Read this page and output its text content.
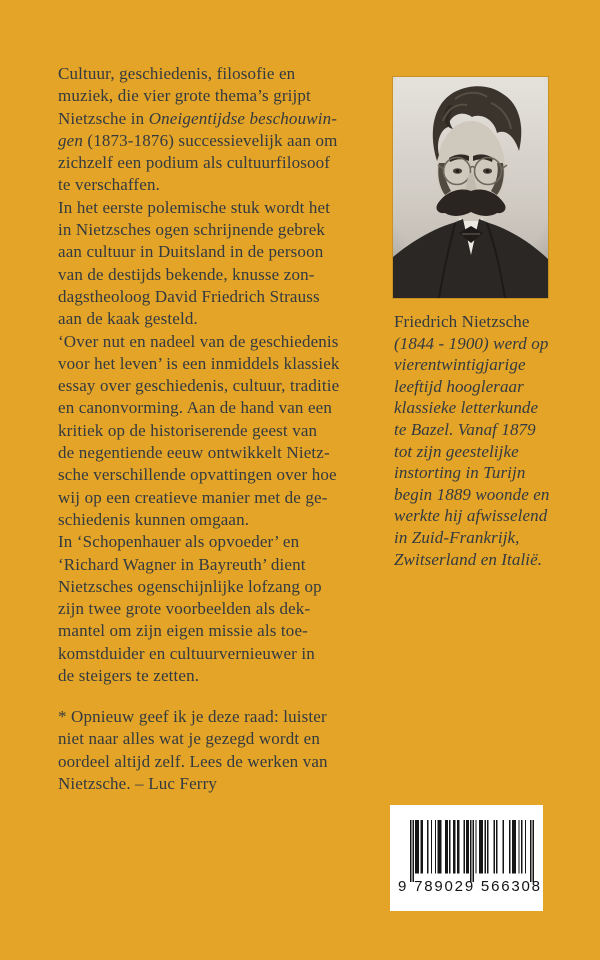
Cultuur, geschiedenis, filosofie en
muziek, die vier grote thema’s grijpt
Nietzsche in Oneigentijdse beschouwin-
gen (1873-1876) successievelijk aan om
zichzelf een podium als cultuurfilosoof
te verschaffen.
In het eerste polemische stuk wordt het
in Nietzsches ogen schrijnende gebrek
aan cultuur in Duitsland in de persoon
van de destijds bekende, knusse zon-
dagstheoloog David Friedrich Strauss
aan de kaak gesteld.
‘Over nut en nadeel van de geschiedenis
voor het leven’ is een inmiddels klassiek
essay over geschiedenis, cultuur, traditie
en canonvorming. Aan de hand van een
kritiek op de historiserende geest van
de negentiende eeuw ontwikkelt Nietz-
sche verschillende opvattingen over hoe
wij op een creatieve manier met de ge-
schiedenis kunnen omgaan.
In ‘Schopenhauer als opvoeder’ en
‘Richard Wagner in Bayreuth’ dient
Nietzsches ogenschijnlijke lofzang op
zijn twee grote voorbeelden als dek-
mantel om zijn eigen missie als toe-
komstduider en cultuurvernieuwer in
de steigers te zetten.
* Opnieuw geef ik je deze raad: luister
niet naar alles wat je gezegd wordt en
oordeel altijd zelf. Lees de werken van
Nietzsche. – Luc Ferry
Friedrich Nietzsche
(1844 - 1900) werd op
vierentwintigjarige
leeftijd hoogleraar
klassieke letterkunde
te Bazel. Vanaf 1879
tot zijn geestelijke
instorting in Turijn
begin 1889 woonde en
werkte hij afwisselend
in Zuid-Frankrijk,
Zwitserland en Italië.
9 789029 566308
